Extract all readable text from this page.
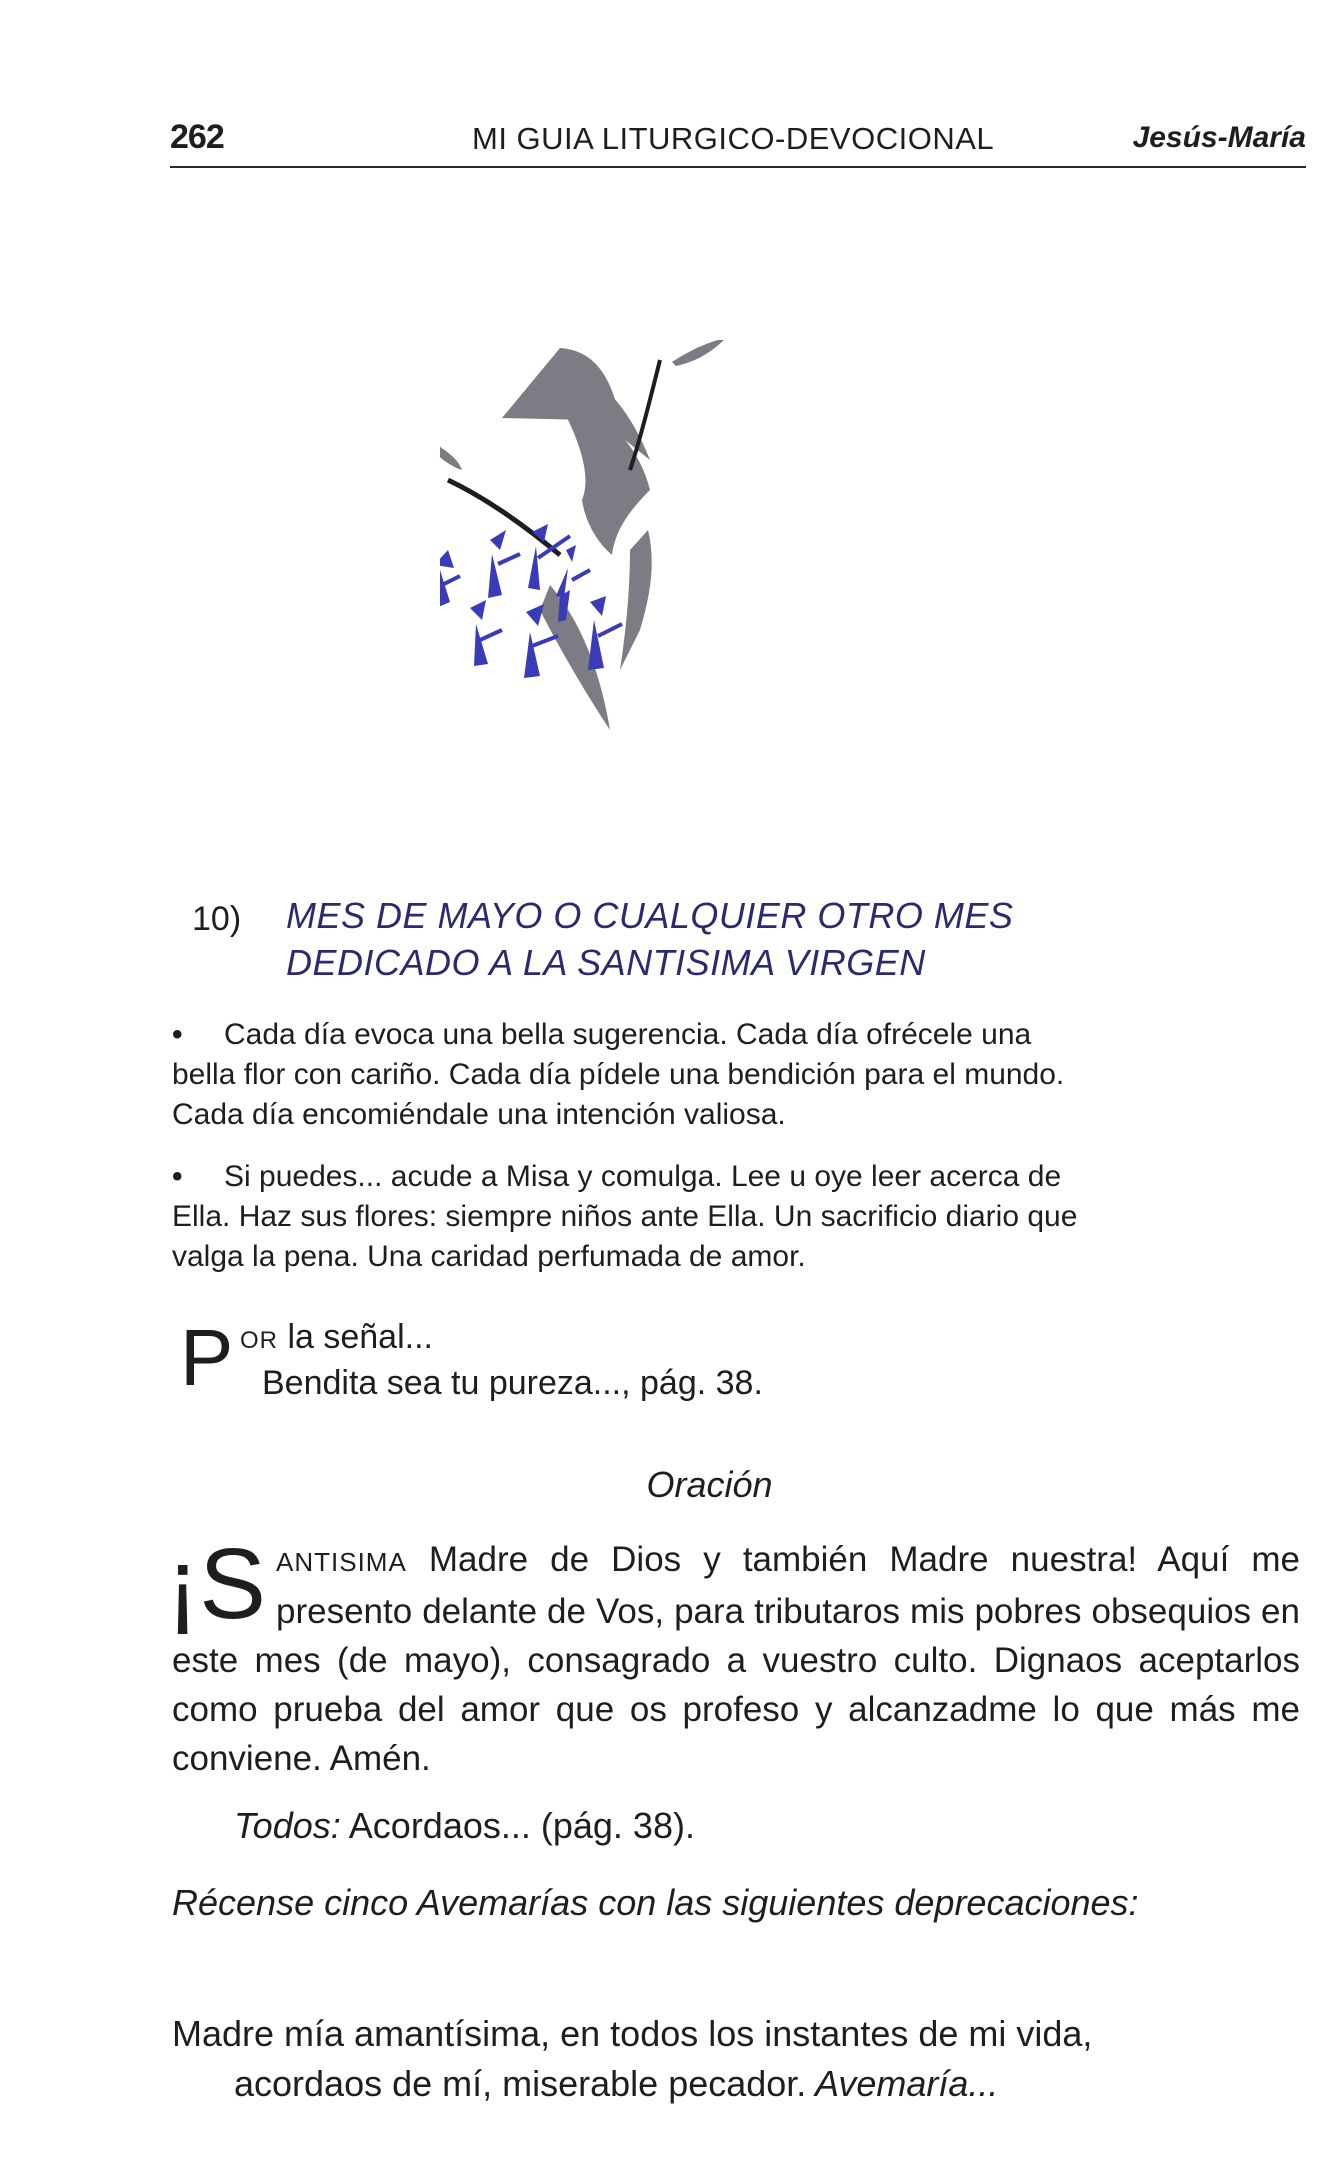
262	MI GUIA LITURGICO-DEVOCIONAL	Jesús-María
10) MES DE MAYO O CUALQUIER OTRO MES
DEDICADO A LA SANTISIMA VIRGEN
• Cada día evoca una bella sugerencia. Cada día ofrécele una
bella flor con cariño. Cada día pídele una bendición para el mundo.
Cada día encomiéndale una intención valiosa.
• Si puedes... acude a Misa y comulga. Lee u oye leer acerca de
Ella. Haz sus flores: siempre niños ante Ella. Un sacrificio diario que
valga la pena. Una caridad perfumada de amor.
P OR la señal...
Bendita sea tu pureza..., pág. 38.
Oración
¡S ANTISIMA Madre de Dios y también Madre nuestra! Aquí me presento delante de Vos, para tributaros mis pobres obsequios en este mes (de mayo), consagrado a vuestro culto. Dignaos aceptarlos como prueba del amor que os profeso y alcanzadme lo que más me conviene. Amén.
Todos: Acordaos... (pág. 38).
Récense cinco Avemarías con las siguientes deprecaciones:
Madre mía amantísima, en todos los instantes de mi vida,
acordaos de mí, miserable pecador. Avemaría...
